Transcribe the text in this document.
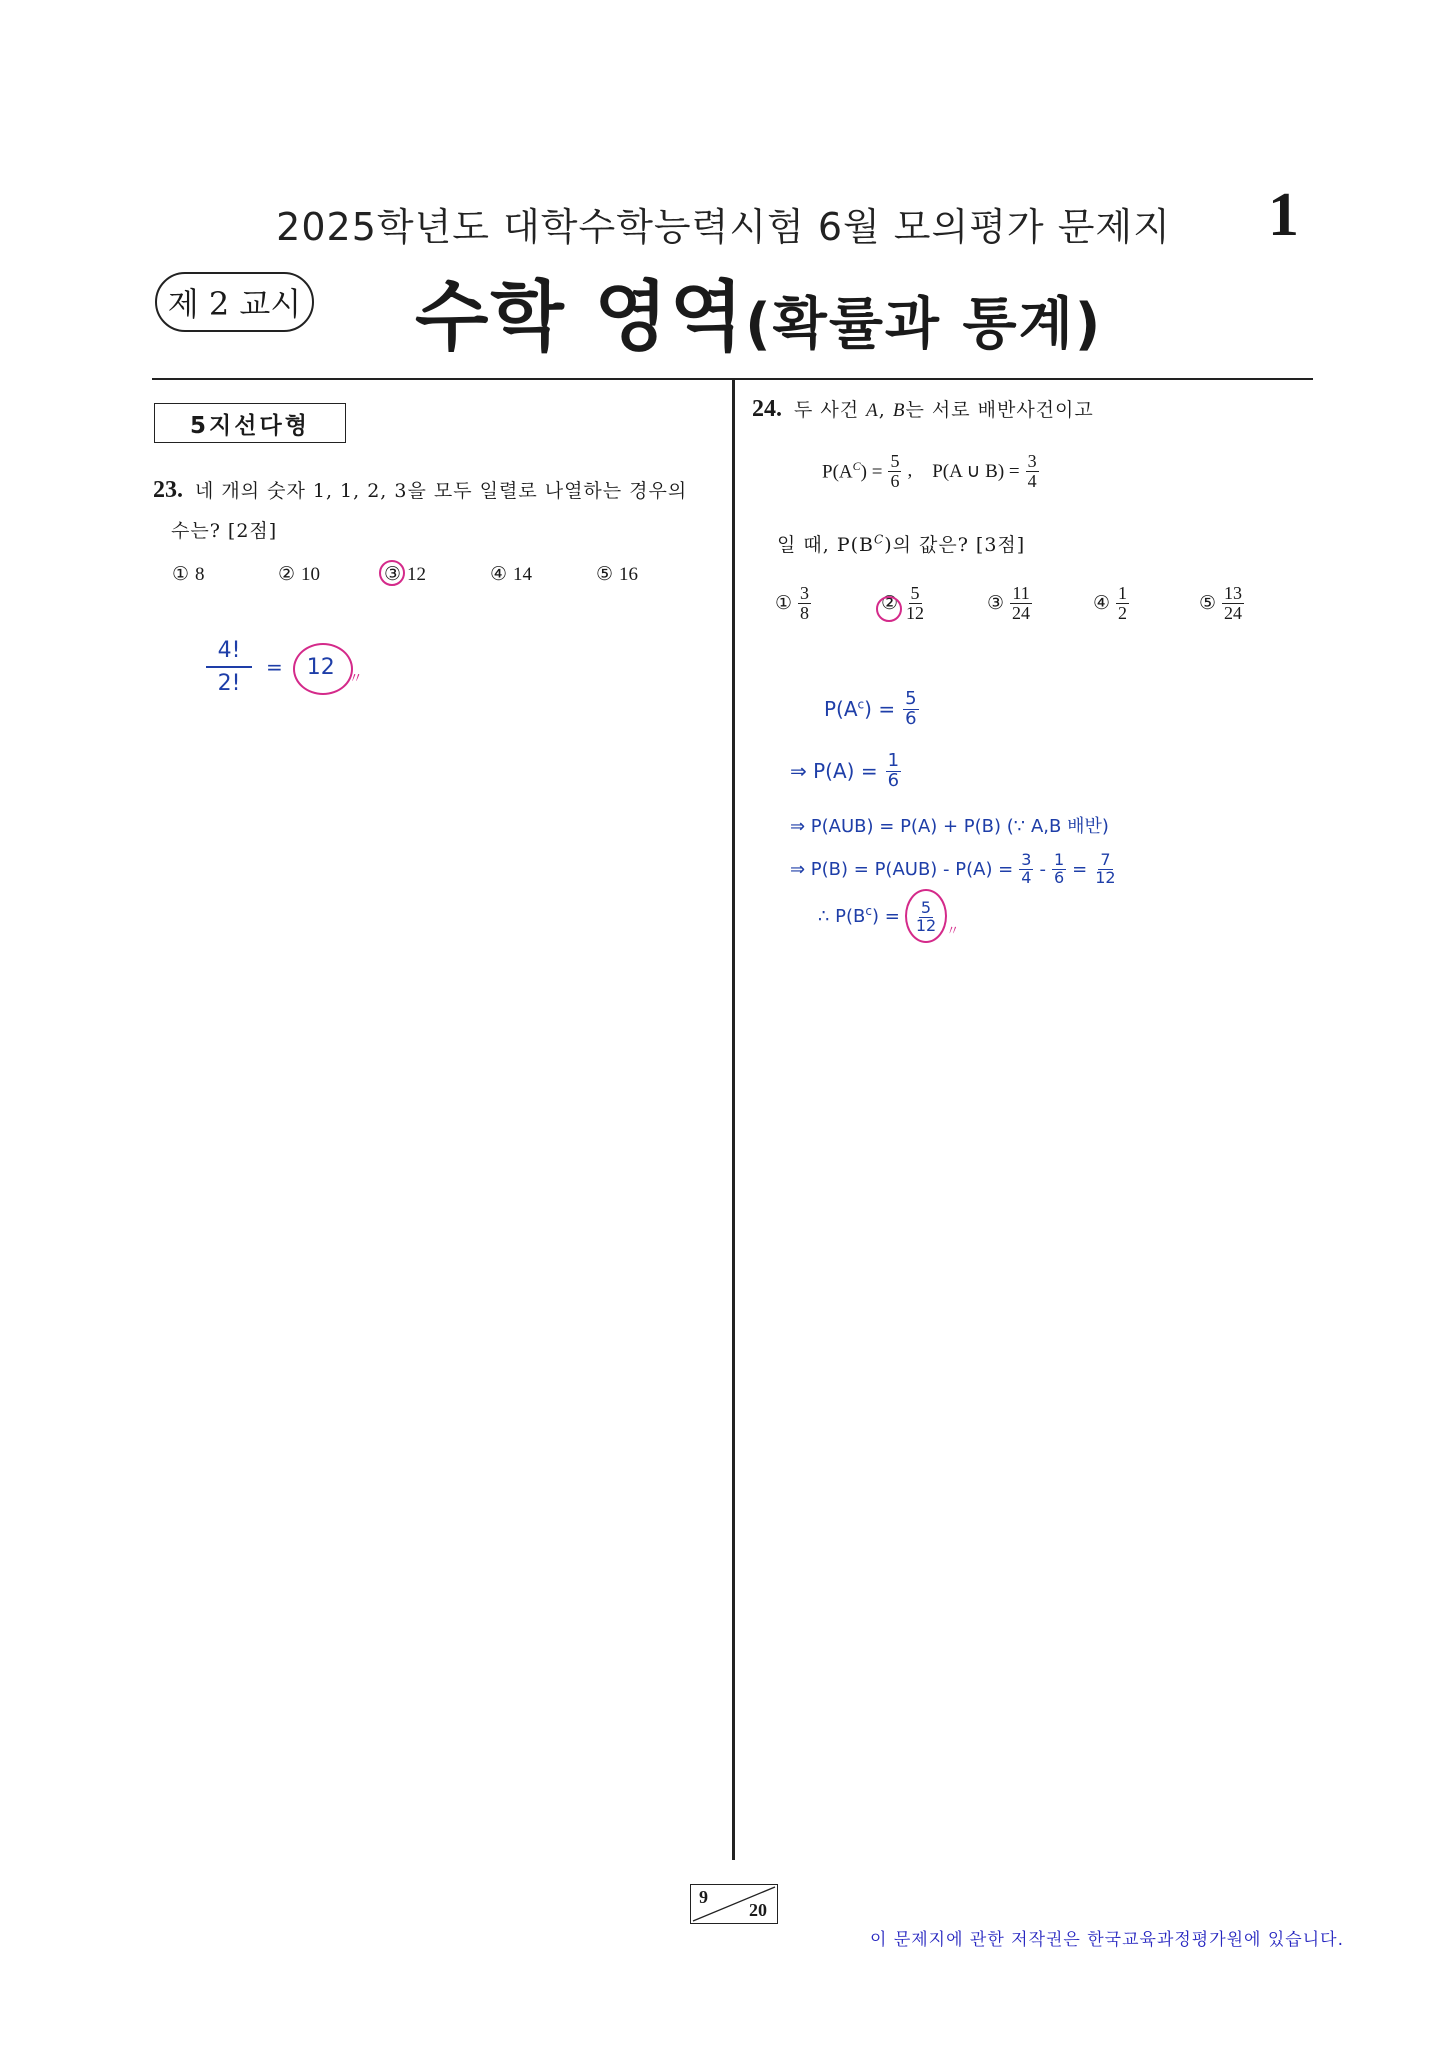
2025학년도 대학수학능력시험 6월 모의평가 문제지	1
제 2 교시 수학 영역(확률과 통계)
5지선다형
23. 네 개의 숫자 1, 1, 2, 3을 모두 일렬로 나열하는 경우의
수는? [2점]
① 8	② 10	③ 12	④ 14	⑤ 16
4!
2!
=	12	〃
24. 두 사건 A, B는 서로 배반사건이고
$P(A^C) = \frac{5}{6}$ , P(A ∪ $B) = \frac{3}{4}$
일 때, $P(B^C)$의 값은? [3점]
① $\frac{3}{8}$	② $\frac{5}{12}$	③ $\frac{11}{24}$	④ $\frac{1}{2}$	⑤ $\frac{13}{24}$
$P(A^c) = \frac{5}{6}$
⇒ $P(A) = \frac{1}{6}$
⇒ P(AUB) = P(A) + P(B) (∵ A,B 배반)
⇒ $P(B) = P(AUB) - P(A) = \frac{3}{4} - \frac{1}{6} = \frac{7}{12}$
∴ $P(B^c) = \frac{5}{12}$ 〃
9
20
이 문제지에 관한 저작권은 한국교육과정평가원에 있습니다.
